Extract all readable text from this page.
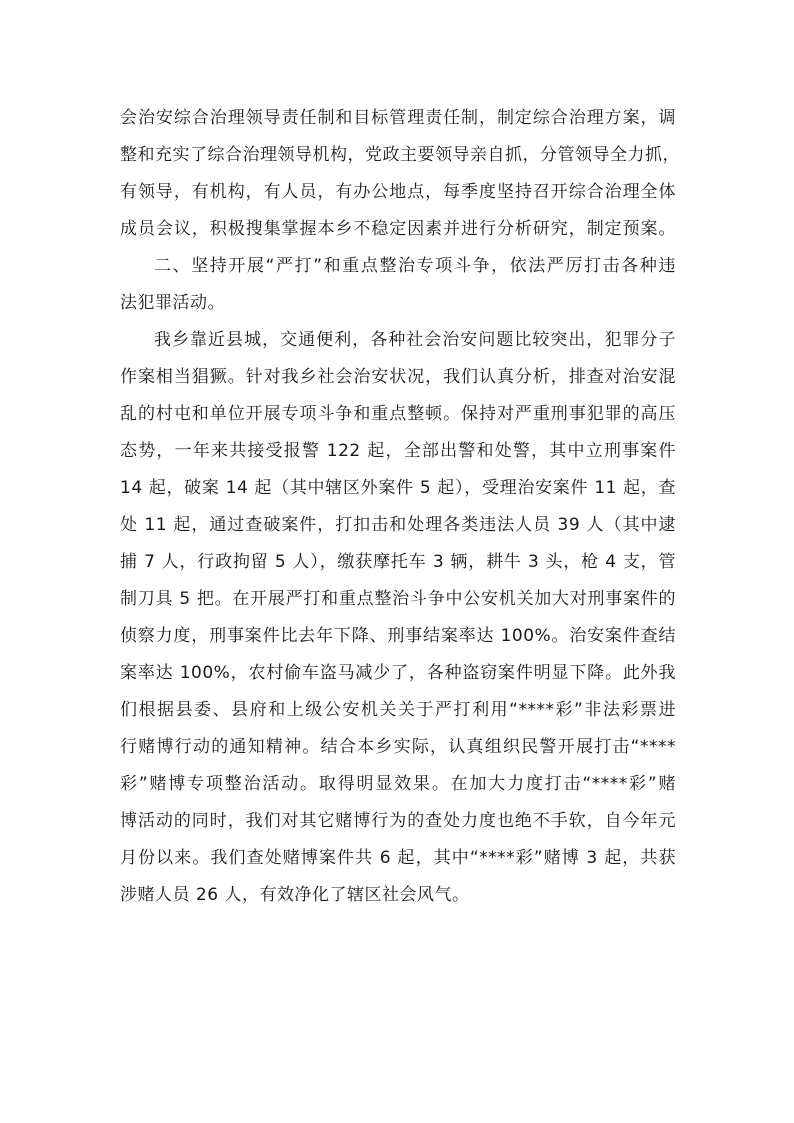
会治安综合治理领导责任制和目标管理责任制，制定综合治理方案，调
整和充实了综合治理领导机构，党政主要领导亲自抓，分管领导全力抓，
有领导，有机构，有人员，有办公地点，每季度坚持召开综合治理全体
成员会议，积极搜集掌握本乡不稳定因素并进行分析研究，制定预案。

二、坚持开展“严打”和重点整治专项斗争，依法严厉打击各种违
法犯罪活动。

我乡靠近县城，交通便利，各种社会治安问题比较突出，犯罪分子
作案相当猖獗。针对我乡社会治安状况，我们认真分析，排查对治安混
乱的村屯和单位开展专项斗争和重点整顿。保持对严重刑事犯罪的高压
态势，一年来共接受报警 122 起，全部出警和处警，其中立刑事案件
14 起，破案 14 起（其中辖区外案件 5 起），受理治安案件 11 起，查
处 11 起，通过查破案件，打扣击和处理各类违法人员 39 人（其中逮
捕 7 人，行政拘留 5 人），缴获摩托车 3 辆，耕牛 3 头，枪 4 支，管
制刀具 5 把。在开展严打和重点整治斗争中公安机关加大对刑事案件的
侦察力度，刑事案件比去年下降、刑事结案率达 100%。治安案件查结
案率达 100%，农村偷车盗马减少了，各种盗窃案件明显下降。此外我
们根据县委、县府和上级公安机关关于严打利用“****彩”非法彩票进
行赌博行动的通知精神。结合本乡实际，认真组织民警开展打击“****
彩”赌博专项整治活动。取得明显效果。在加大力度打击“****彩”赌
博活动的同时，我们对其它赌博行为的查处力度也绝不手软，自今年元
月份以来。我们查处赌博案件共 6 起，其中“****彩”赌博 3 起，共获
涉赌人员 26 人，有效净化了辖区社会风气。
